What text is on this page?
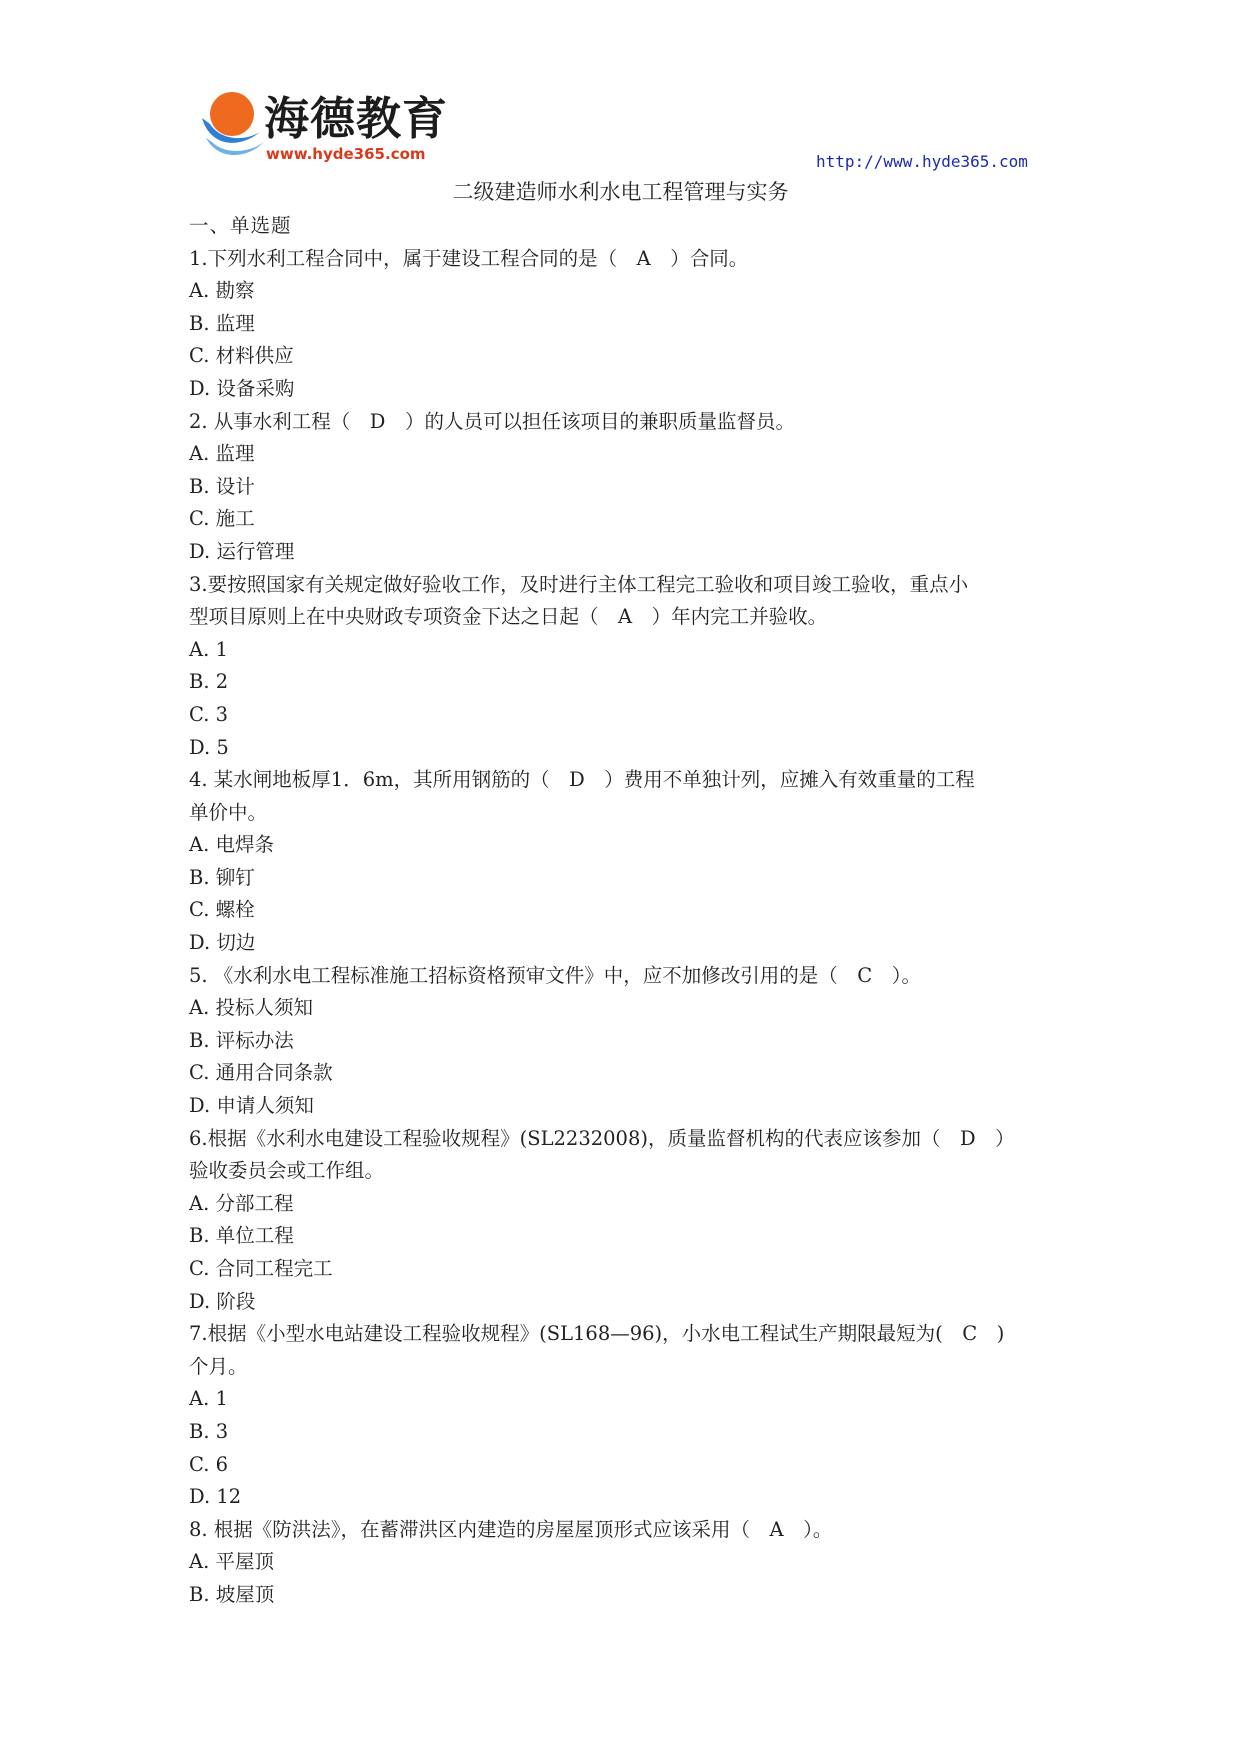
海德教育
www.hyde365.com	http://www.hyde365.com
二级建造师水利水电工程管理与实务
一、单选题
1.下列水利工程合同中，属于建设工程合同的是（　A　）合同。
A. 勘察
B. 监理
C. 材料供应
D. 设备采购
2. 从事水利工程（　D　）的人员可以担任该项目的兼职质量监督员。
A. 监理
B. 设计
C. 施工
D. 运行管理
3.要按照国家有关规定做好验收工作，及时进行主体工程完工验收和项目竣工验收，重点小
型项目原则上在中央财政专项资金下达之日起（　A　）年内完工并验收。
A. 1
B. 2
C. 3
D. 5
4. 某水闸地板厚1．6m，其所用钢筋的（　D　）费用不单独计列，应摊入有效重量的工程
单价中。
A. 电焊条
B. 铆钉
C. 螺栓
D. 切边
5. 《水利水电工程标准施工招标资格预审文件》中，应不加修改引用的是（　C　）。
A. 投标人须知
B. 评标办法
C. 通用合同条款
D. 申请人须知
6.根据《水利水电建设工程验收规程》(SL2232008)，质量监督机构的代表应该参加（　D　）
验收委员会或工作组。
A. 分部工程
B. 单位工程
C. 合同工程完工
D. 阶段
7.根据《小型水电站建设工程验收规程》(SL168—96)，小水电工程试生产期限最短为(　C　)
个月。
A. 1
B. 3
C. 6
D. 12
8. 根据《防洪法》，在蓄滞洪区内建造的房屋屋顶形式应该采用（　A　）。
A. 平屋顶
B. 坡屋顶
